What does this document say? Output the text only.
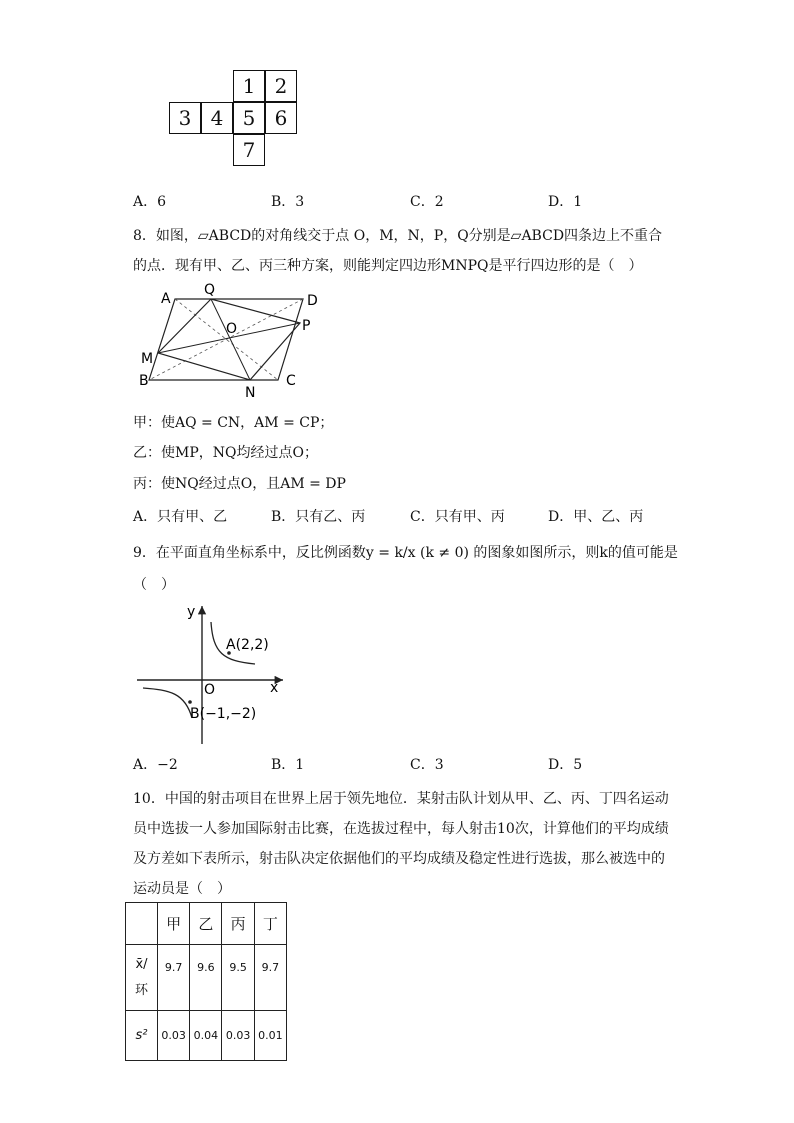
1 2
3 4 5 6
7
A．6	B．3	C．2	D．1
8．如图，▱ABCD的对角线交于点 O，M，N，P，Q分别是▱ABCD四条边上不重合
的点．现有甲、乙、丙三种方案，则能判定四边形MNPQ是平行四边形的是（　）
A
Q
D
O	P
M
B
N
C
甲：使AQ = CN，AM = CP；
乙：使MP，NQ均经过点O；
丙：使NQ经过点O，且AM = DP
A．只有甲、乙	B．只有乙、丙	C．只有甲、丙	D．甲、乙、丙
9．在平面直角坐标系中，反比例函数y = k/x (k ≠ 0) 的图象如图所示，则k的值可能是
（　）
y
x
O
A(2,2)
B(−1,−2)
A．−2	B．1	C．3	D．5
10．中国的射击项目在世界上居于领先地位．某射击队计划从甲、乙、丙、丁四名运动
员中选拔一人参加国际射击比赛，在选拔过程中，每人射击10次，计算他们的平均成绩
及方差如下表所示，射击队决定依据他们的平均成绩及稳定性进行选拔，那么被选中的
运动员是（　）
	甲	乙	丙	丁

x̄/
环	9.7	9.6	9.5	9.7
s²	0.03	0.04	0.03	0.01
